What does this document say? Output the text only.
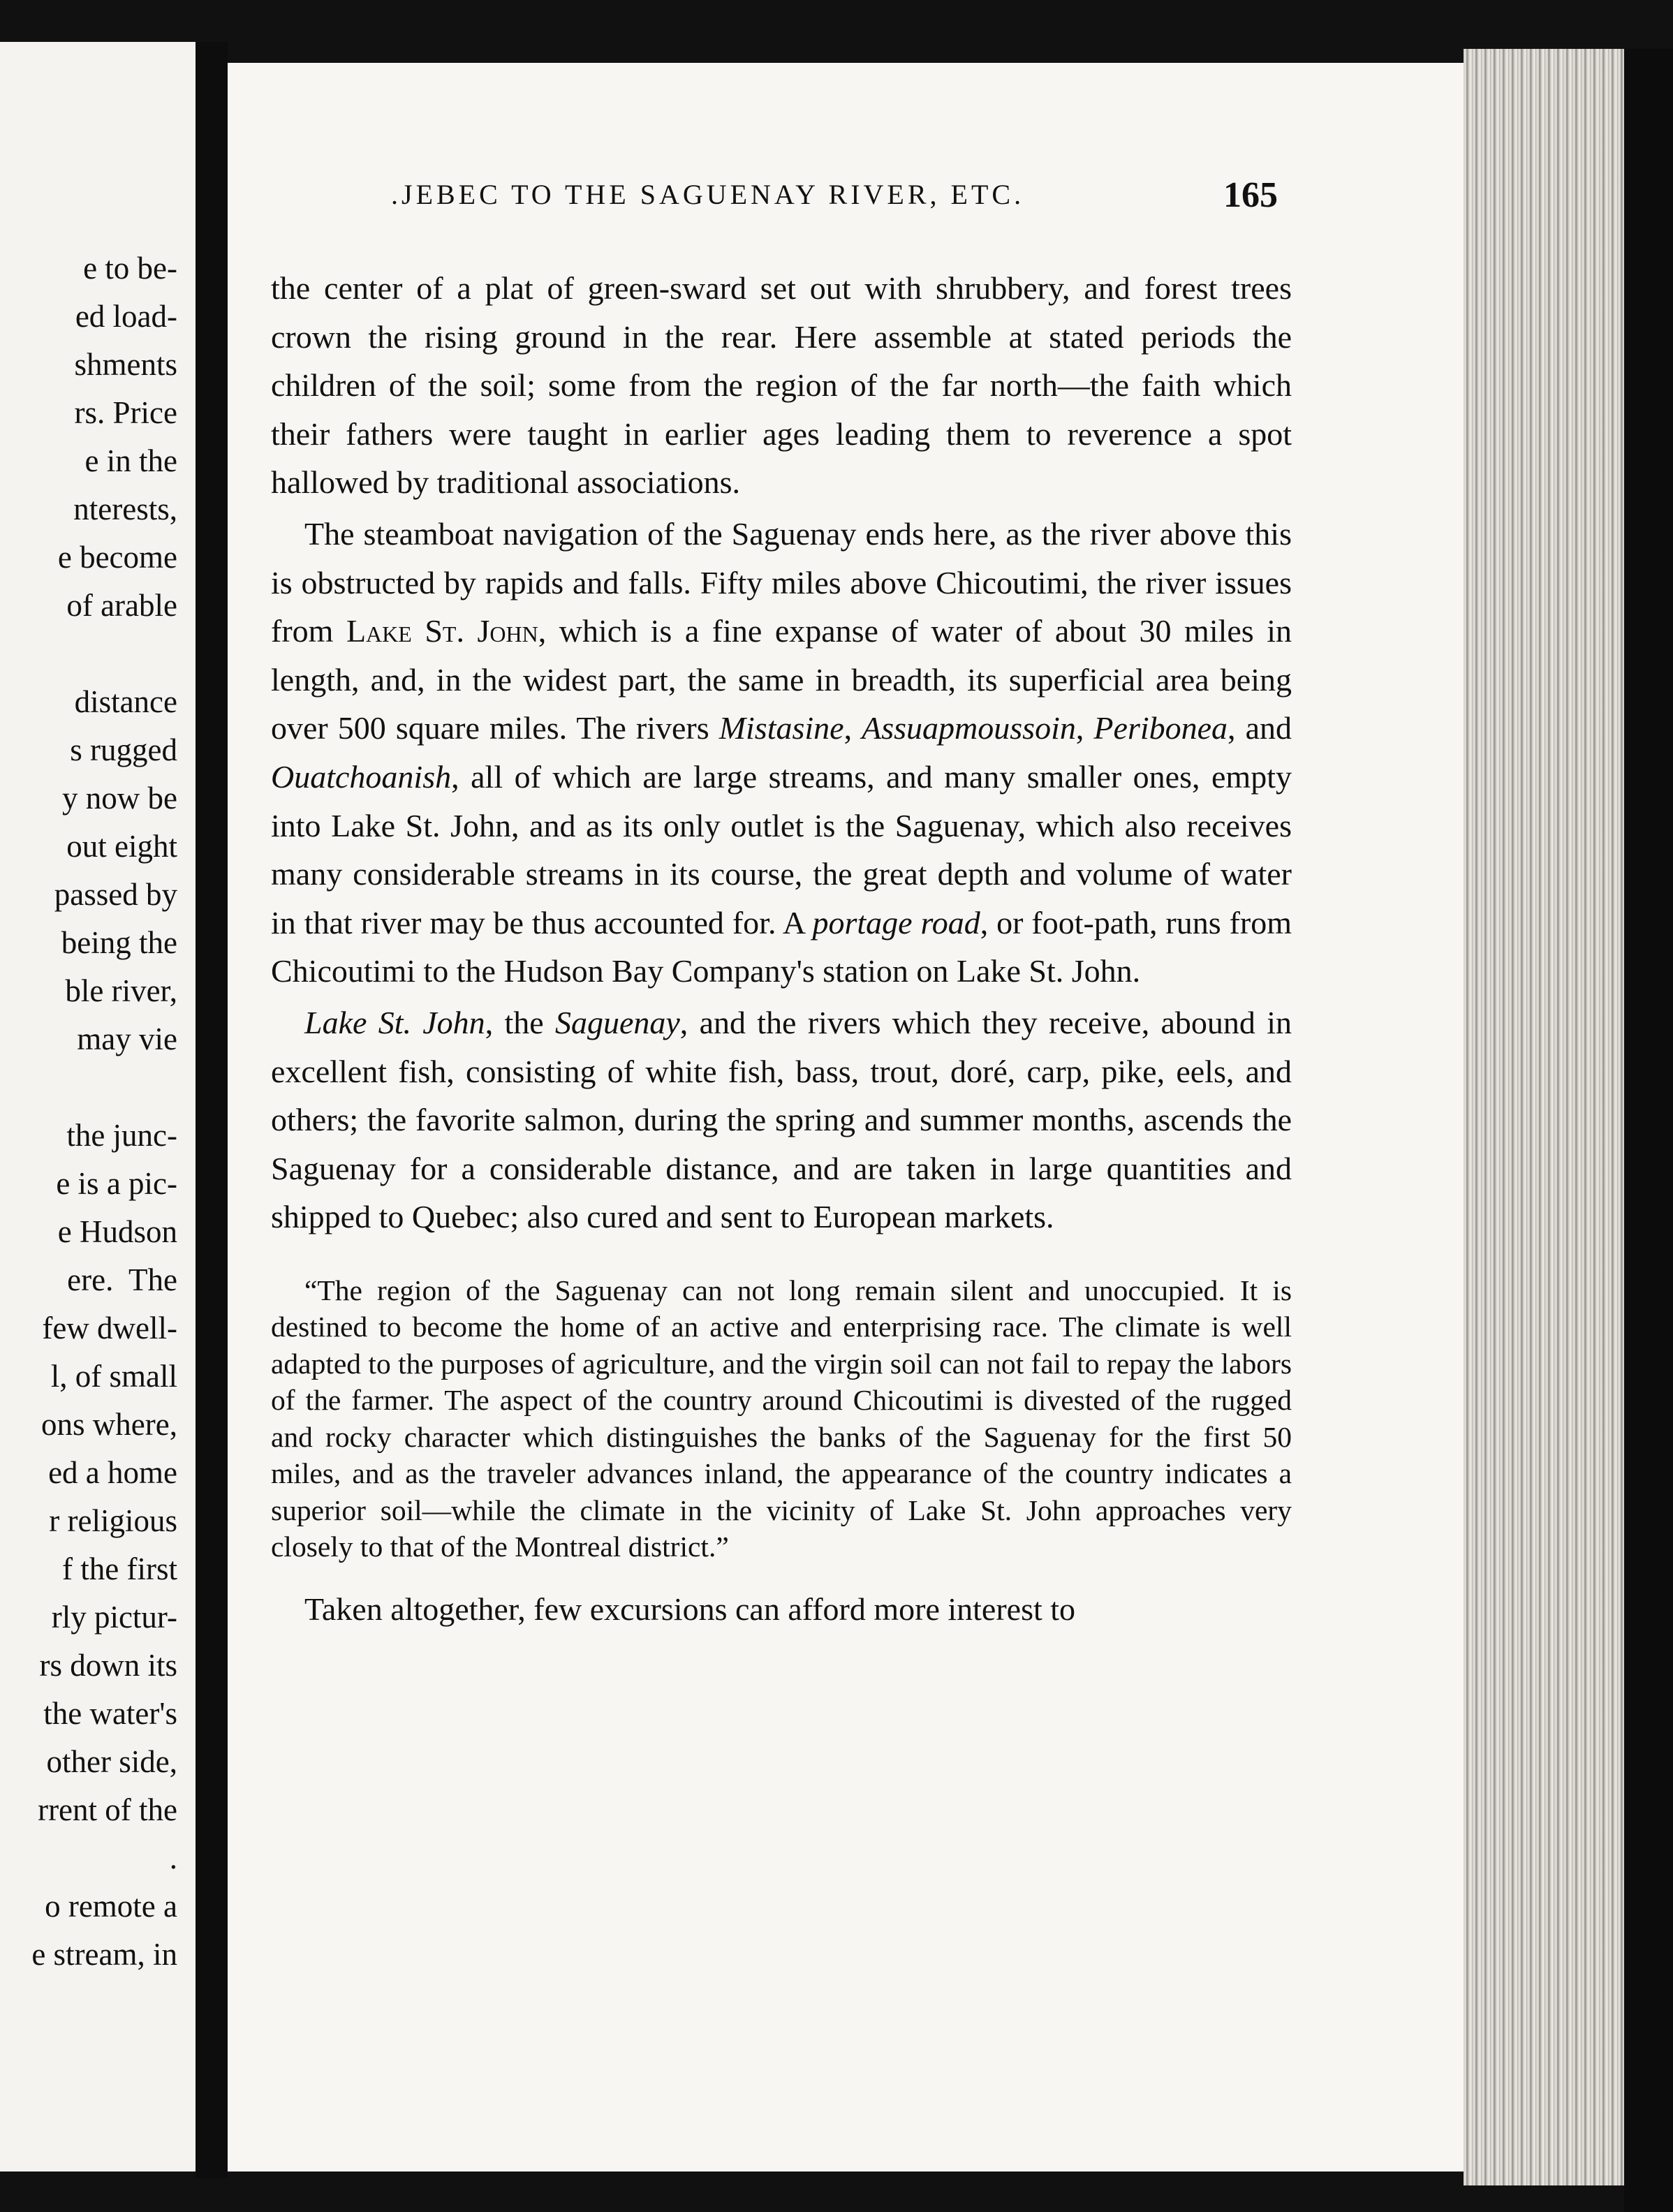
e to be-
ed load-
shments
rs. Price
e in the
nterests,
e become
of arable

distance
s rugged
y now be
out eight
passed by
being the
ble river,
may vie

the junc-
e is a pic-
e Hudson
ere.  The
few dwell-
l, of small
ons where,
ed a home
r religious
f the first
rly pictur-
rs down its
the water's
other side,
rrent of the
.
o remote a
e stream, in
.JEBEC TO THE SAGUENAY RIVER, ETC.	165

the center of a plat of green-sward set out with shrubbery, and forest trees crown the rising ground in the rear. Here assemble at stated periods the children of the soil; some from the region of the far north—the faith which their fathers were taught in earlier ages leading them to reverence a spot hallowed by traditional associations.

The steamboat navigation of the Saguenay ends here, as the river above this is obstructed by rapids and falls. Fifty miles above Chicoutimi, the river issues from Lake St. John, which is a fine expanse of water of about 30 miles in length, and, in the widest part, the same in breadth, its superficial area being over 500 square miles. The rivers Mistasine, Assuapmoussoin, Peribonea, and Ouatchoanish, all of which are large streams, and many smaller ones, empty into Lake St. John, and as its only outlet is the Saguenay, which also receives many considerable streams in its course, the great depth and volume of water in that river may be thus accounted for. A portage road, or foot-path, runs from Chicoutimi to the Hudson Bay Company's station on Lake St. John.

Lake St. John, the Saguenay, and the rivers which they receive, abound in excellent fish, consisting of white fish, bass, trout, doré, carp, pike, eels, and others; the favorite salmon, during the spring and summer months, ascends the Saguenay for a considerable distance, and are taken in large quantities and shipped to Quebec; also cured and sent to European markets.

“The region of the Saguenay can not long remain silent and unoccupied. It is destined to become the home of an active and enterprising race. The climate is well adapted to the purposes of agriculture, and the virgin soil can not fail to repay the labors of the farmer. The aspect of the country around Chicoutimi is divested of the rugged and rocky character which distinguishes the banks of the Saguenay for the first 50 miles, and as the traveler advances inland, the appearance of the country indicates a superior soil—while the climate in the vicinity of Lake St. John approaches very closely to that of the Montreal district.”

Taken altogether, few excursions can afford more interest to
